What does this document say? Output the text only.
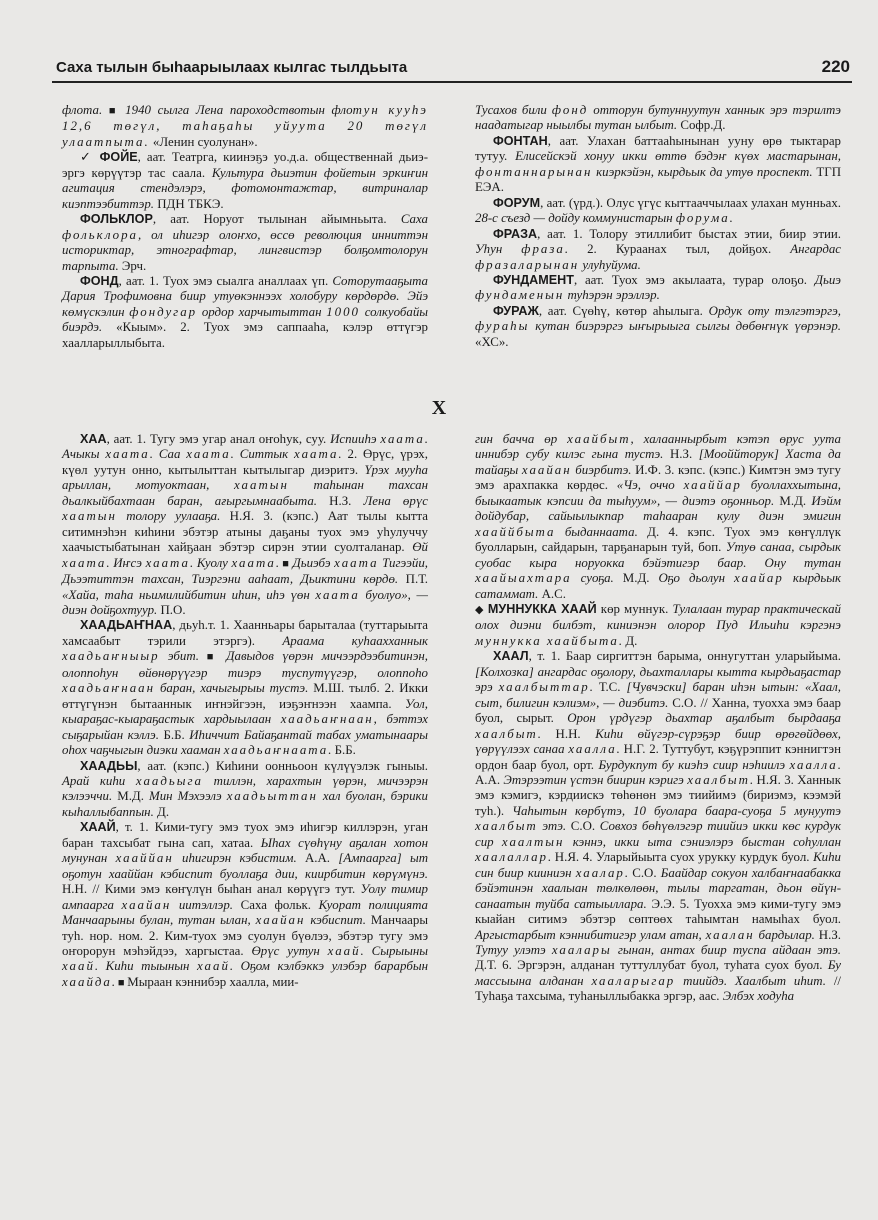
Саха тылын быһаарыылаах кылгас тылдьыта	220

флота. ■ 1940 сылга Лена пароходствотын флотун кууһэ 12,6 төгүл, таһаҕаһы уйуута 20 төгүл улаатпыта. «Ленин суолунан».

✓ ФОЙЕ, аат. Театрга, киинэҕэ уо.д.а. общественнай дьиэ-эргэ көрүүтэр тас саала. Культура дьиэтин фойетын эркиҥин агитация стендэлэрэ, фотомонтажтар, витриналар киэптээбиттэр. ПДН ТБКЭ.

ФОЛЬКЛОР, аат. Норуот тылынан айымньыта. Саха фольклора, ол иһигэр олоҥхо, өссө революция инниттэн историктар, этнографтар, лингвистэр болҕомтолорун тарпыта. Эрч.

ФОНД, аат. 1. Туох эмэ сыалга аналлаах үп. Соторутааҕыта Дария Трофимовна биир утуөкэннээх холобуру көрдөрдө. Эйэ көмүскэлин фондугар ордор харчытыттан 1000 солкуобайы биэрдэ. «Кыым». 2. Туох эмэ саппааһа, кэлэр өттүгэр хаалларыллыбыта.

Тусахов били фонд отторун бутуннуутун ханнык эрэ тэрилтэ наадатыгар ныылбы тутан ылбыт. Софр.Д.

ФОНТАН, аат. Улахан баттааһынынан ууну өрө тыктарар тутуу. Елисейскэй хонуу икки өттө бэдэҥ күөх мастарынан, фонтаннарынан киэркэйэн, кырдьык да утуө проспект. ТГП ЕЭА.

ФОРУМ, аат. (үрд.). Олус үгүс кыттааччылаах улахан мунньах. 28-с съезд — дойду коммунистарын форума.

ФРАЗА, аат. 1. Толору этиллибит быстах этии, биир этии. Уһун фраза. 2. Кураанах тыл, дойҕох. Ангардас фразаларынан улуһуйума.

ФУНДАМЕНТ, аат. Туох эмэ акылаата, турар олоҕо. Дьиэ фундаменын туһэрэн эрэллэр.

ФУРАЖ, аат. Сүөһү, көтөр аһылыга. Ордук оту тэлгэтэргэ, фураһы кутан биэрэргэ ыҥырыыга сылгы дөбөҥнүк үөрэнэр. «ХС».

Х

ХАА, аат. 1. Тугу эмэ угар анал оҥоһук, суу. Испииһэ хаата. Ачыкы хаата. Саа хаата. Ситтык хаата. 2. Өрүс, үрэх, күөл уутун онно, кытылыттан кытылыгар диэритэ. Үрэх мууһа арыллан, мотуоктаан, хаатын таһынан тахсан дьалкыйбахтаан баран, ағыргымнаабыта. Н.З. Лена өрүс хаатын толору уулааҕа. Н.Я. 3. (кэпс.) Аат тылы кытта ситимнэһэн киһини эбэтэр атыны даҕаны туох эмэ уһулуччу хаачыстыбатынан хайҕаан эбэтэр сирэн этии суолталанар. Өй хаата. Иҥсэ хаата. Куолу хаата. ■ Дьиэбэ хаата Тигээйи, Дьээтиттэн тахсан, Тиэргэни ааһаат, Дьиктини көрдө. П.Т. «Хайа, таһа ньимилийбитин иһин, иһэ үөн хаата буолуо», — диэн дойҕохтуур. П.О.

ХААДЬАҤНАА, дьуһ.т. 1. Хаанньары барыталаа (туттарыыта хамсаабыт тэрили этэргэ). Араама куһаахханнык хаадьаҥныыр эбит. ■ Давыдов үөрэн мичээрдээбитинэн, олоппоһун өйөнөрүүгэр тиэрэ туспутүүгэр, олоппоһо хаадьаҥнаан баран, хачыгырыы тустэ. М.Ш. тылб. 2. Икки өттүгүнэн бытааннык иҥнэйгээн, иэҕэҥнээн хаампа. Уол, кыараҕас-кыараҕастык хардыылаан хаадьаҥнаан, бэттэх сыҕарыйан кэллэ. Б.Б. Иһиччит Байаҕантай табах уматынаары оһох чаҕчыгын диэки хааман хаадьаҥнаата. Б.Б.

ХААДЬЫ, аат. (кэпс.) Киһини оонньоон күлүүэлэк гыныы. Арай киһи хаадьыга тиллэн, харахтын үөрэн, мичээрэн кэлээччи. М.Д. Мин Мэхээлэ хаадьыттан хал буолан, бэрики кыһаллыбаппын. Д.

ХААЙ, т. 1. Кими-тугу эмэ туох эмэ иһигэр киллэрэн, уган баран тахсыбат гына сап, хатаа. Ыһах сүөһүну аҕалан хотон мунунан хааййан иһигирэн кэбистим. А.А. [Ампаарга] ыт оҕотун хааййан кэбиспит буоллаҕа дии, киирбитин көрүмүнэ. Н.Н. // Кими эмэ көҥүлүн быһан анал көрүүгэ тут. Уолу тимир ампаарга хаайан иитэллэр. Саха фольк. Куорат полицията Манчаарыны булан, тутан ылан, хаайан кэбиспит. Манчаары туһ. нор. ном. 2. Ким-туох эмэ суолун бүөлээ, эбэтэр тугу эмэ оҥорорун мэһэйдээ, харгыстаа. Өрүс уутун хаай. Сырыыны хаай. Киһи тыынын хаай. Оҕом кэлбэккэ улэбэр барарбын хаайда. ■ Мыраан кэннибэр хаалла, мии-

гин бачча өр хаайбыт, халааннырбыт кэтэп өрус уута иннибэр субу килэс гына тустэ. Н.З. [Мооййторук] Хаста да тайаҕы хаайан биэрбитэ. И.Ф. 3. кэпс. (кэпс.) Кимтэн эмэ тугу эмэ арахпакка көрдөс. «Чэ, оччо хааййар буоллаххытына, быыкаатык кэпсии да тыһуум», — диэтэ оҕонньор. М.Д. Иэйм дойдубар, сайыылыкпар таһааран кулу диэн эмигин хааййбыта быданнаата. Д. 4. кэпс. Туох эмэ көҥүллүк буолларын, сайдарын, тарҕанарын туй, боп. Утуө санаа, сырдык суобас кыра норуокка бэйэтигэр баар. Ону тутан хаайыахтара суоҕа. М.Д. Оҕо дьолун хаайар кырдьык сатаммат. А.С.

◆ МУННУККА ХААЙ көр муннук. Тулалаан турар практическай олох диэни билбэт, киниэнэн олорор Пуд Ильиһи кэргэнэ муннукка хаайбыта. Д.

ХААЛ, т. 1. Баар сиргиттэн барыма, оннугуттан уларыйыма. [Колхозка] ангардас оҕолору, дьахталлары кытта кырдьаҕастар эрэ хаалбыттар. Т.С. [Чувчэски] баран иһэн ытын: «Хаал, сыт, билигин кэлиэм», — диэбитэ. С.О. // Ханна, туохха эмэ баар буол, сырыт. Орон үрдүгэр дьахтар аҕалбыт бырдааҕа хаалбыт. Н.Н. Киһи өйүгэр-сүрэҕэр биир өрөгөйдөөх, үөрүүлээх санаа хаалла. Н.Г. 2. Туттубут, кэҕүрэппит кэннигтэн ордон баар буол, орт. Бурдукпут бу киэһэ сиир нэһиилэ хаалла. А.А. Этэрээтин үстэн биирин кэригэ хаалбыт. Н.Я. 3. Ханнык эмэ кэмигэ, кэрдиискэ төһөнөн эмэ тиийимэ (бириэмэ, кээмэй туһ.). Чаһытын көрбүтэ, 10 буолара баара-суоҕа 5 мунуутэ хаалбыт этэ. С.О. Совхоз бөһүөлэгэр тиийиэ икки көс курдук сир хаалтын кэннэ, икки ыта сэниэлэрэ быстан соһуллан хаалаллар. Н.Я. 4. Уларыйыыта суох урукку курдук буол. Киһи син биир кииниэн хаалар. С.О. Баайдар сокуон халбаҥнаабакка бэйэтинэн хаалыан төлкөлөөн, тылы таргатан, дьон өйүн-санаатын туйба сатыыллара. Э.Э. 5. Туохха эмэ кими-тугу эмэ кыайан ситимэ эбэтэр сөптөөх таһымтан намыһах буол. Аргыстарбыт кэннибитигэр улам атан, хаалан бардылар. Н.З. Тутуу улэтэ хаалары гынан, антах биир туспа айдаан этэ. Д.Т. 6. Эргэрэн, алданан туттуллубат буол, туһата суох буол. Бу массыына алданан хааларыгар тиийдэ. Хаалбыт иһит. // Туһаҕа тахсыма, туһаныллыбакка эргэр, аас. Элбэх ходуһа
